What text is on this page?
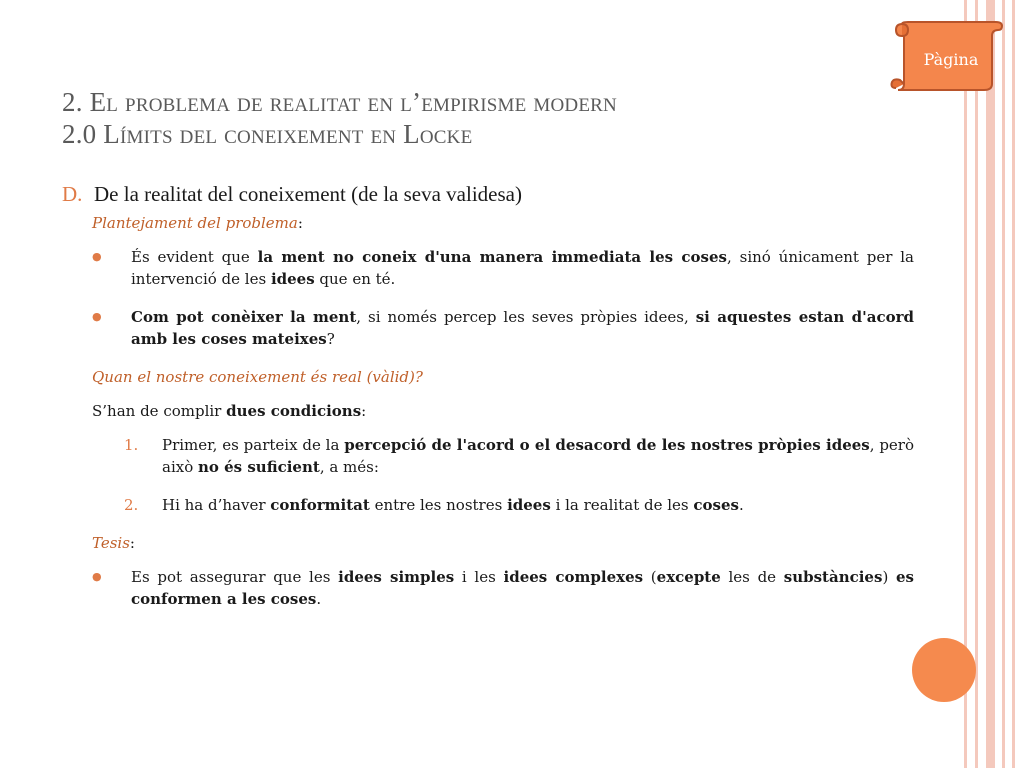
Pàgina
2. El problema de realitat en l’empirisme modern
2.0 Límits del coneixement en Locke
D. De la realitat del coneixement (de la seva validesa)
Plantejament del problema:
●	És evident que la ment no coneix d'una manera immediata les coses, sinó únicament per la intervenció de les idees que en té.
●	Com pot conèixer la ment, si només percep les seves pròpies idees, si aquestes estan d'acord amb les coses mateixes?
Quan el nostre coneixement és real (vàlid)?
S’han de complir dues condicions:
1.	Primer, es parteix de la percepció de l'acord o el desacord de les nostres pròpies idees, però això no és suficient, a més:
2.	Hi ha d’haver conformitat entre les nostres idees i la realitat de les coses.
Tesis:
●	Es pot assegurar que les idees simples i les idees complexes (excepte les de substàncies) es conformen a les coses.
